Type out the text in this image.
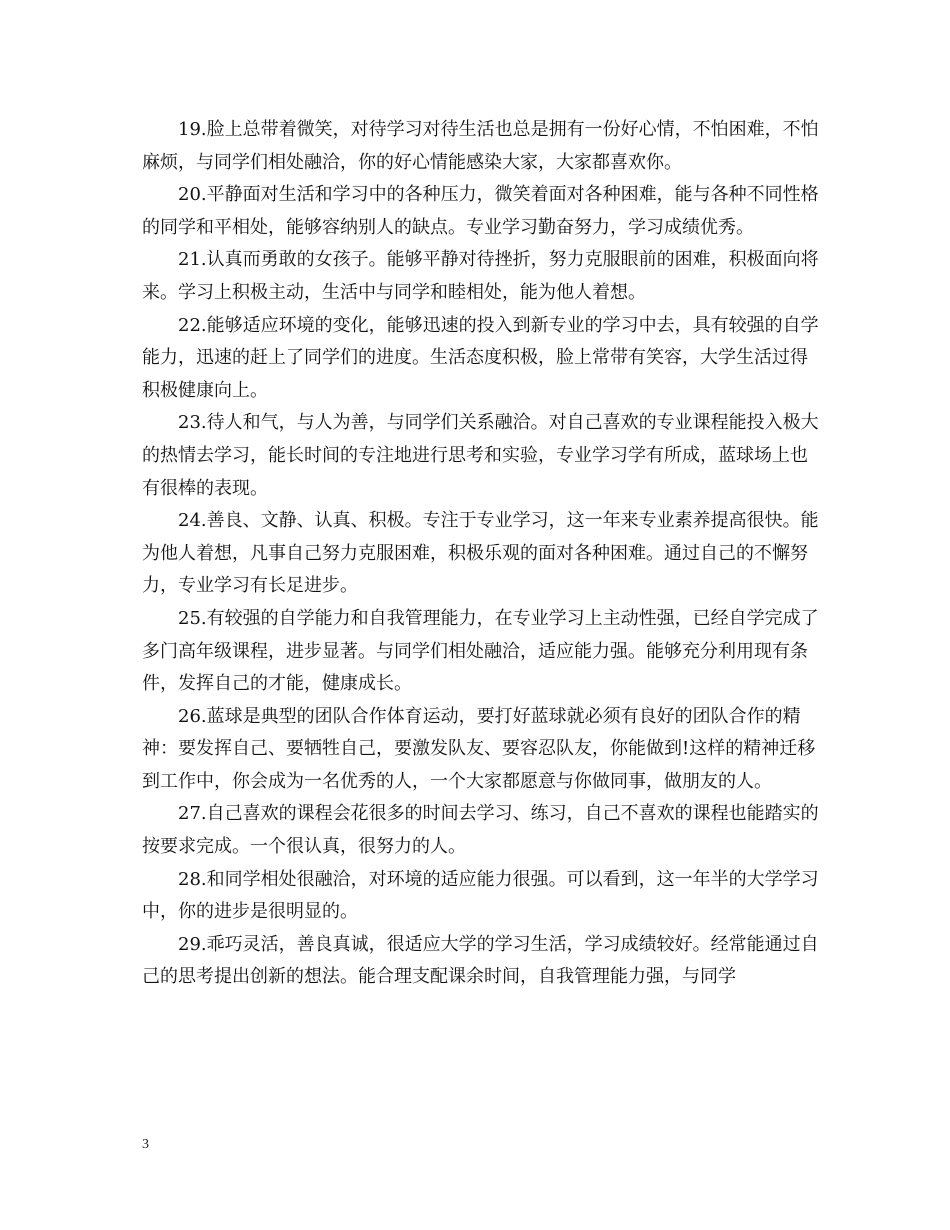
19.脸上总带着微笑，对待学习对待生活也总是拥有一份好心情，不怕困难，不怕麻烦，与同学们相处融洽，你的好心情能感染大家，大家都喜欢你。

20.平静面对生活和学习中的各种压力，微笑着面对各种困难，能与各种不同性格的同学和平相处，能够容纳别人的缺点。专业学习勤奋努力，学习成绩优秀。

21.认真而勇敢的女孩子。能够平静对待挫折，努力克服眼前的困难，积极面向将来。学习上积极主动，生活中与同学和睦相处，能为他人着想。

22.能够适应环境的变化，能够迅速的投入到新专业的学习中去，具有较强的自学能力，迅速的赶上了同学们的进度。生活态度积极，脸上常带有笑容，大学生活过得积极健康向上。

23.待人和气，与人为善，与同学们关系融洽。对自己喜欢的专业课程能投入极大的热情去学习，能长时间的专注地进行思考和实验，专业学习学有所成，蓝球场上也有很棒的表现。

24.善良、文静、认真、积极。专注于专业学习，这一年来专业素养提高很快。能为他人着想，凡事自己努力克服困难，积极乐观的面对各种困难。通过自己的不懈努力，专业学习有长足进步。

25.有较强的自学能力和自我管理能力，在专业学习上主动性强，已经自学完成了多门高年级课程，进步显著。与同学们相处融洽，适应能力强。能够充分利用现有条件，发挥自己的才能，健康成长。

26.蓝球是典型的团队合作体育运动，要打好蓝球就必须有良好的团队合作的精神：要发挥自己、要牺牲自己，要激发队友、要容忍队友，你能做到!这样的精神迁移到工作中，你会成为一名优秀的人，一个大家都愿意与你做同事，做朋友的人。

27.自己喜欢的课程会花很多的时间去学习、练习，自己不喜欢的课程也能踏实的按要求完成。一个很认真，很努力的人。

28.和同学相处很融洽，对环境的适应能力很强。可以看到，这一年半的大学学习中，你的进步是很明显的。

29.乖巧灵活，善良真诚，很适应大学的学习生活，学习成绩较好。经常能通过自己的思考提出创新的想法。能合理支配课余时间，自我管理能力强，与同学

3
